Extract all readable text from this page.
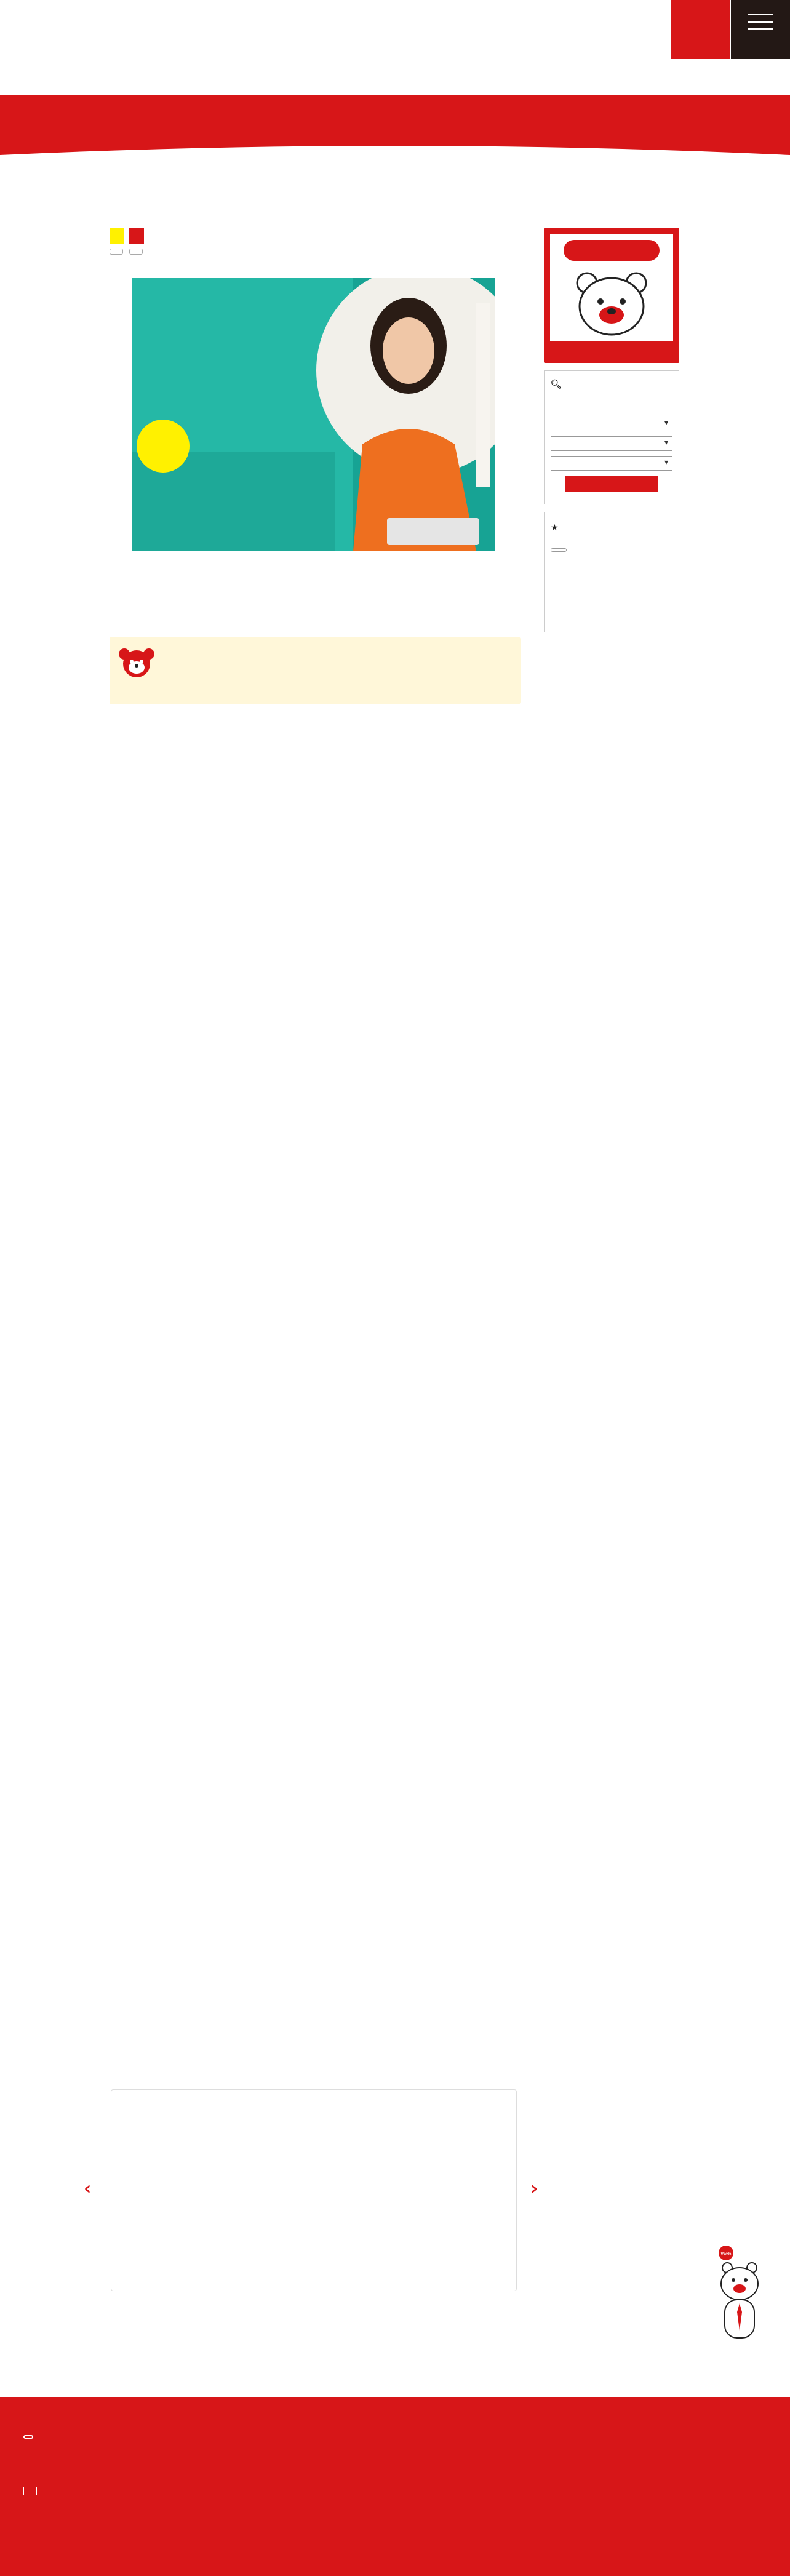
🔍︎
▾
▾
▾
★
‹	›
Web
